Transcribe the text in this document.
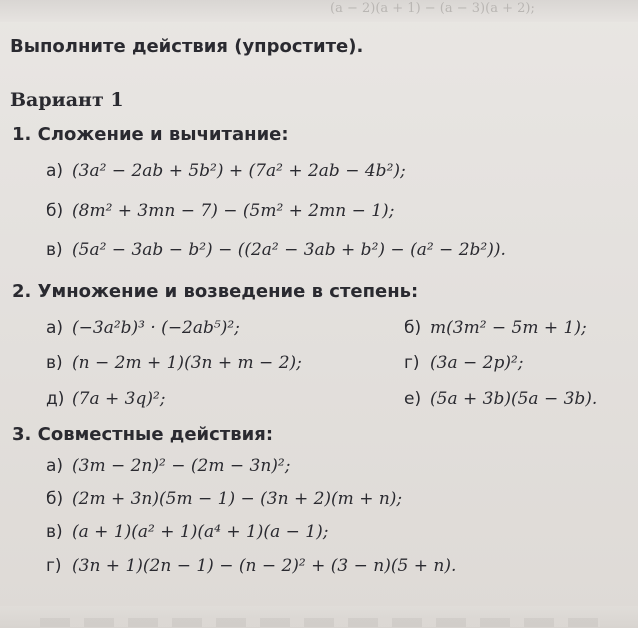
(a − 2)(a + 1) − (a − 3)(a + 2);
Выполните действия (упростите).
Вариант 1
1. Сложение и вычитание:
а) (3a² − 2ab + 5b²) + (7a² + 2ab − 4b²);
б) (8m² + 3mn − 7) − (5m² + 2mn − 1);
в) (5a² − 3ab − b²) − ((2a² − 3ab + b²) − (a² − 2b²)).
2. Умножение и возведение в степень:
а) (−3a²b)³ · (−2ab⁵)²;	б) m(3m² − 5m + 1);
в) (n − 2m + 1)(3n + m − 2);	г) (3a − 2p)²;
д) (7a + 3q)²;	е) (5a + 3b)(5a − 3b).
3. Совместные действия:
а) (3m − 2n)² − (2m − 3n)²;
б) (2m + 3n)(5m − 1) − (3n + 2)(m + n);
в) (a + 1)(a² + 1)(a⁴ + 1)(a − 1);
г) (3n + 1)(2n − 1) − (n − 2)² + (3 − n)(5 + n).
